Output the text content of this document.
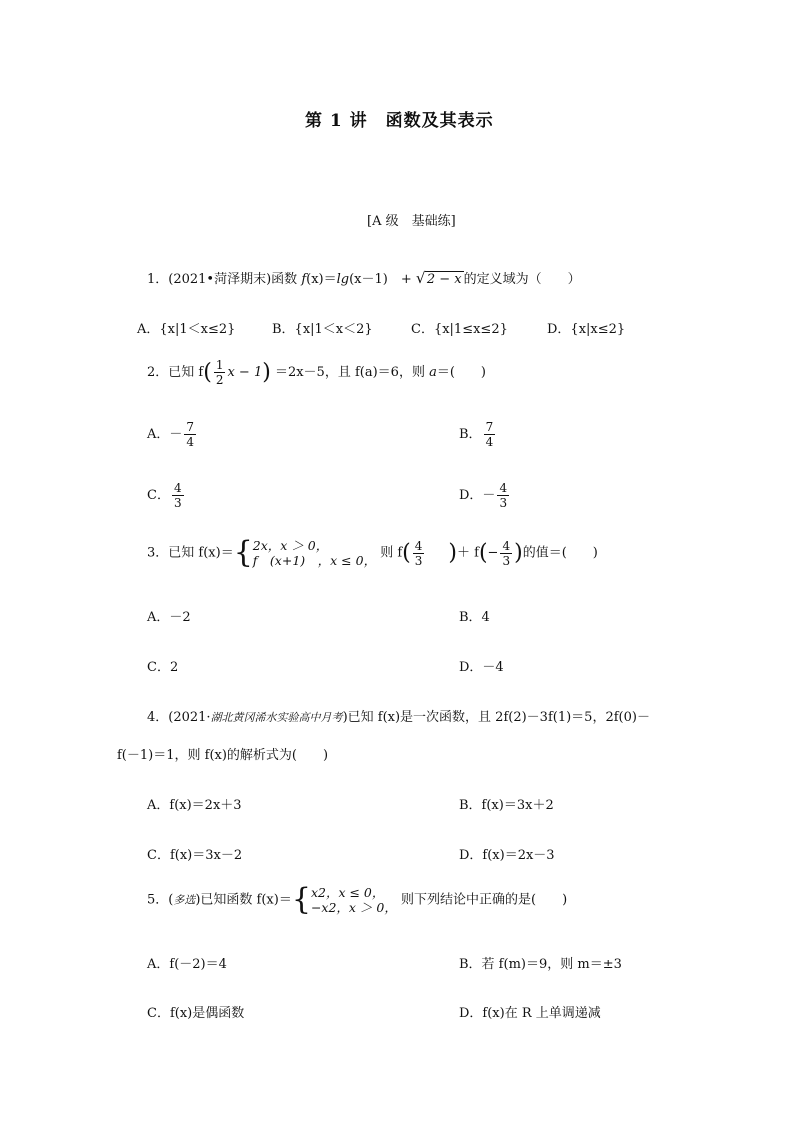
第 1 讲　函数及其表示
[A 级　基础练]
1．(2021•菏泽期末)函数 f(x)＝lg(x－1)　+ √ 2 − x 的定义域为（　　）
A．{x|1＜x≤2}	B．{x|1＜x＜2}	C．{x|1≤x≤2}	D．{x|x≤2}
2．已知 $f( \frac{1}{2}$ x − 1) ＝2x－5，且 f(a)＝6，则 a＝(　　)
A．－ $\frac{7}{4}$	B． $\frac{7}{4}$
C． $\frac{4}{3}$	D．－ $\frac{4}{3}$
3．已知 f(x)＝{ 2x，x ＞ 0，
f　(x+1)　，x ≤ 0， 则 $f( \frac{4}{3}$ )＋ $f(- \frac{4}{3}$ )的值＝(　　)
A．－2	B．4
C．2	D．－4
4．(2021·湖北黄冈浠水实验高中月考)已知 f(x)是一次函数，且 2f(2)－3f(1)＝5，2f(0)－
f(－1)＝1，则 f(x)的解析式为(　　)
A．f(x)＝2x＋3	B．f(x)＝3x＋2
C．f(x)＝3x－2	D．f(x)＝2x－3
5．(多选)已知函数 f(x)＝{ x2，x ≤ 0，
−x2，x ＞ 0， 则下列结论中正确的是(　　)
A．f(－2)＝4	B．若 f(m)＝9，则 m＝±3
C．f(x)是偶函数	D．f(x)在 R 上单调递减
